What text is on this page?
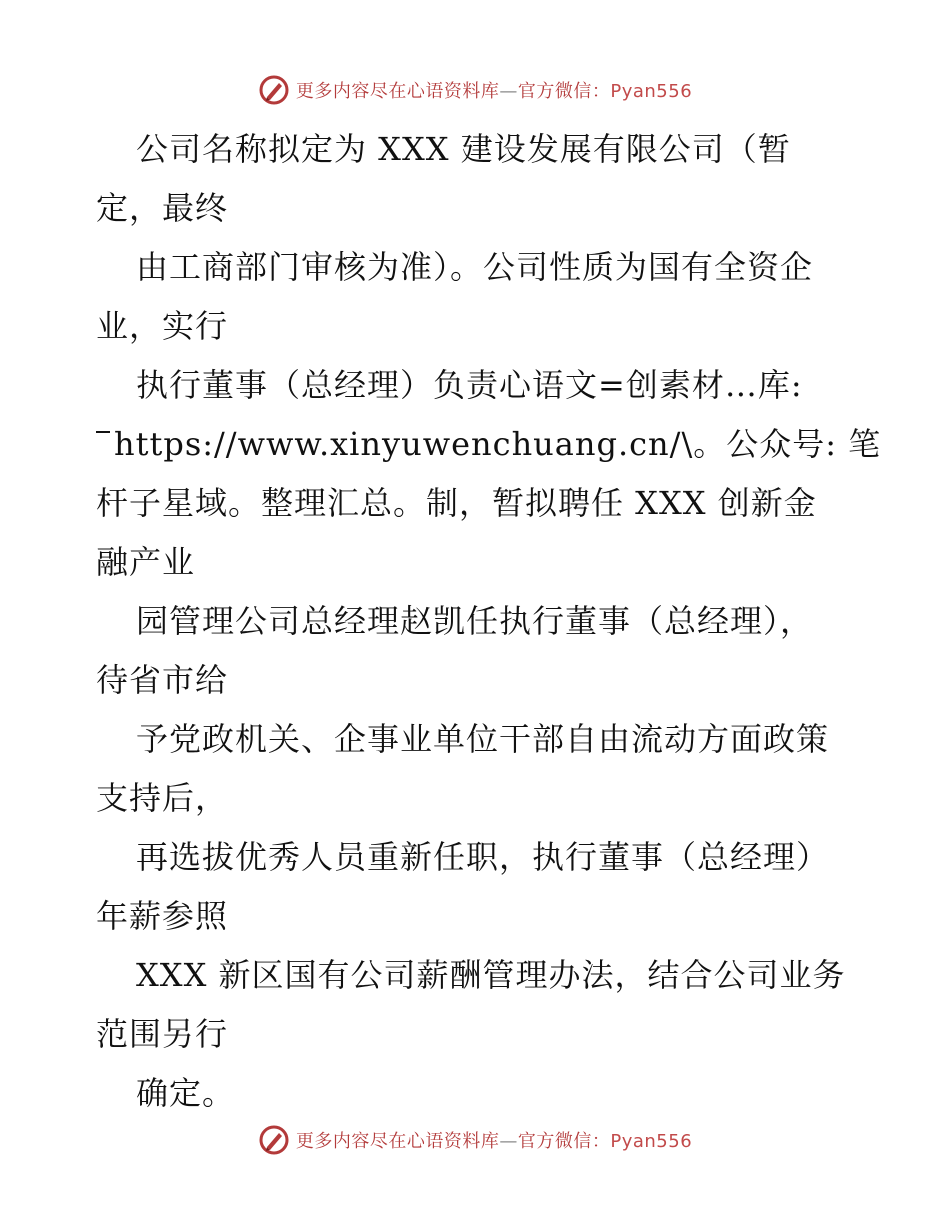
更多内容尽在心语资料库—官方微信：Pyan556
公司名称拟定为 XXX 建设发展有限公司（暂
定，最终
由工商部门审核为准）。公司性质为国有全资企
业，实行
执行董事（总经理）负责心语文=创素材…库:
https://www.xinyuwenchuang.cn/\。公众号: 笔
杆子星域。整理汇总。制，暂拟聘任 XXX 创新金
融产业
园管理公司总经理赵凯任执行董事（总经理），
待省市给
予党政机关、企事业单位干部自由流动方面政策
支持后，
再选拔优秀人员重新任职，执行董事（总经理）
年薪参照
XXX 新区国有公司薪酬管理办法，结合公司业务
范围另行
确定。
更多内容尽在心语资料库—官方微信：Pyan556
